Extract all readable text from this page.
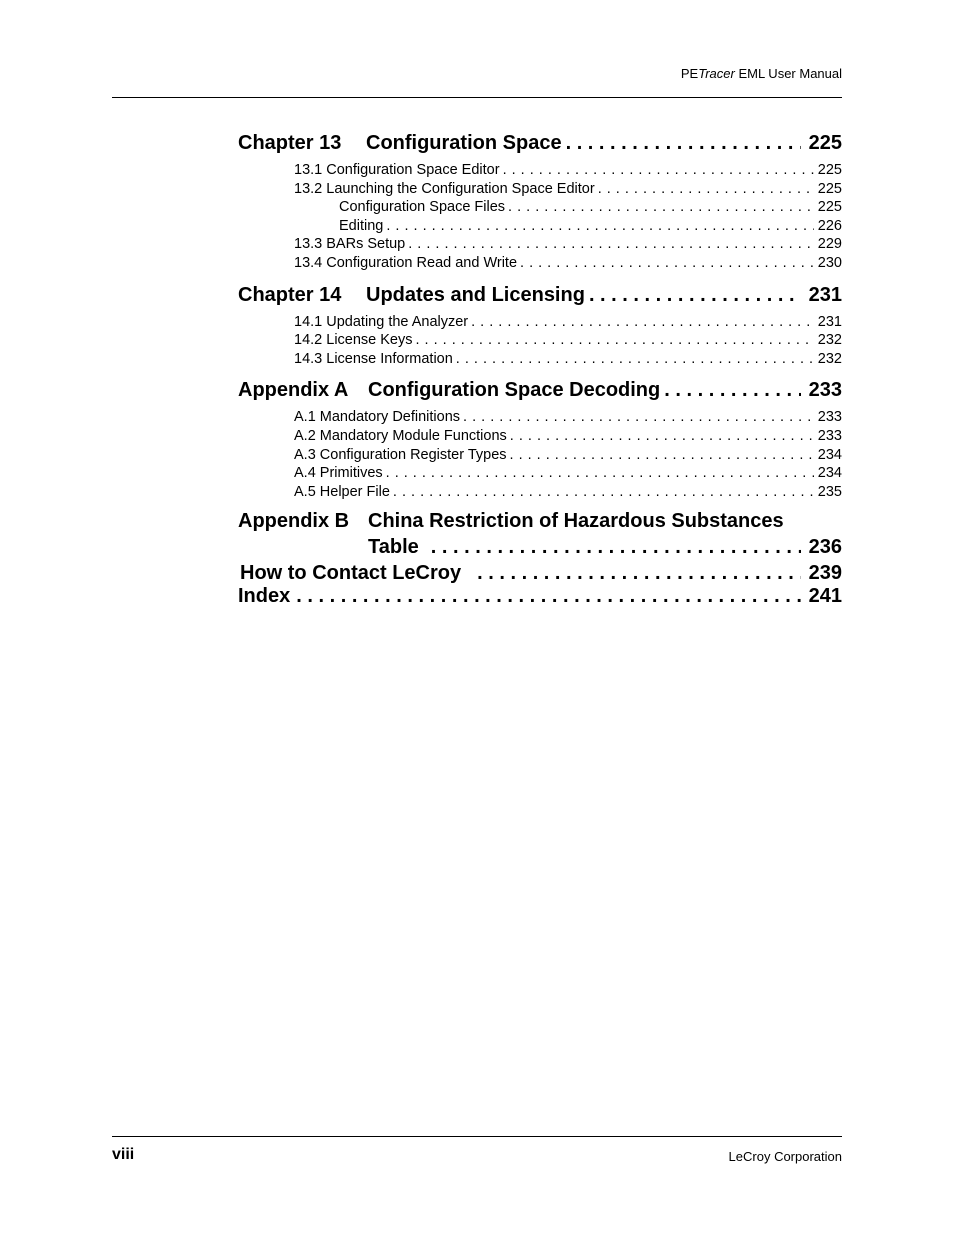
PETracer EML User Manual
Chapter 13	Configuration Space . . .	225
13.1 Configuration Space Editor . . .	225
13.2 Launching the Configuration Space Editor . . .	225
Configuration Space Files . . .	225
Editing . . .	226
13.3 BARs Setup . . .	229
13.4 Configuration Read and Write . . .	230
Chapter 14	Updates and Licensing . . .	231
14.1 Updating the Analyzer . . .	231
14.2 License Keys . . .	232
14.3 License Information . . .	232
Appendix A Configuration Space Decoding . . .	233
A.1 Mandatory Definitions . . .	233
A.2 Mandatory Module Functions . . .	233
A.3 Configuration Register Types . . .	234
A.4 Primitives . . .	234
A.5 Helper File . . .	235
Appendix B China Restriction of Hazardous Substances
Table . . .	236
How to Contact LeCroy . . .	239
Index . . .	241
viii	LeCroy Corporation
